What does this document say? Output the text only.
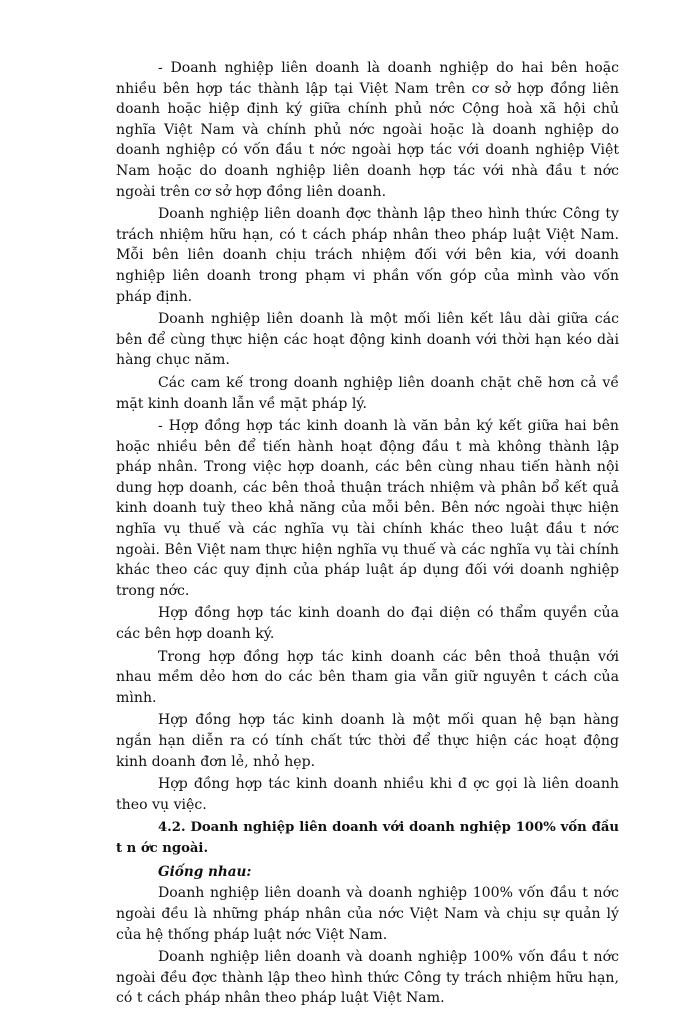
- Doanh nghiệp liên doanh là doanh nghiệp do hai bên hoặc nhiều bên hợp tác thành lập tại Việt Nam trên cơ sở hợp đồng liên doanh hoặc hiệp định ký giữa chính phủ nớc Cộng hoà xã hội chủ nghĩa Việt Nam và chính phủ nớc ngoài hoặc là doanh nghiệp do doanh nghiệp có vốn đầu t nớc ngoài hợp tác với doanh nghiệp Việt Nam hoặc do doanh nghiệp liên doanh hợp tác với nhà đầu t nớc ngoài trên cơ sở hợp đồng liên doanh.

Doanh nghiệp liên doanh đợc thành lập theo hình thức Công ty trách nhiệm hữu hạn, có t cách pháp nhân theo pháp luật Việt Nam. Mỗi bên liên doanh chịu trách nhiệm đối với bên kia, với doanh nghiệp liên doanh trong phạm vi phần vốn góp của mình vào vốn pháp định.

Doanh nghiệp liên doanh là một mối liên kết lâu dài giữa các bên để cùng thực hiện các hoạt động kinh doanh với thời hạn kéo dài hàng chục năm.

Các cam kế trong doanh nghiệp liên doanh chặt chẽ hơn cả về mặt kinh doanh lẫn về mặt pháp lý.

- Hợp đồng hợp tác kinh doanh là văn bản ký kết giữa hai bên hoặc nhiều bên để tiến hành hoạt động đầu t mà không thành lập pháp nhân. Trong việc hợp doanh, các bên cùng nhau tiến hành nội dung hợp doanh, các bên thoả thuận trách nhiệm và phân bổ kết quả kinh doanh tuỳ theo khả năng của mỗi bên. Bên nớc ngoài thực hiện nghĩa vụ thuế và các nghĩa vụ tài chính khác theo luật đầu t nớc ngoài. Bên Việt nam thực hiện nghĩa vụ thuế và các nghĩa vụ tài chính khác theo các quy định của pháp luật áp dụng đối với doanh nghiệp trong nớc.

Hợp đồng hợp tác kinh doanh do đại diện có thẩm quyền của các bên hợp doanh ký.

Trong hợp đồng hợp tác kinh doanh các bên thoả thuận với nhau mềm dẻo hơn do các bên tham gia vẫn giữ nguyên t cách của mình.

Hợp đồng hợp tác kinh doanh là một mối quan hệ bạn hàng ngắn hạn diễn ra có tính chất tức thời để thực hiện các hoạt động kinh doanh đơn lẻ, nhỏ hẹp.

Hợp đồng hợp tác kinh doanh nhiều khi đ ợc gọi là liên doanh theo vụ việc.

4.2. Doanh nghiệp liên doanh với doanh nghiệp 100% vốn đầu t n ớc ngoài.
Giống nhau:

Doanh nghiệp liên doanh và doanh nghiệp 100% vốn đầu t nớc ngoài đều là những pháp nhân của nớc Việt Nam và chịu sự quản lý của hệ thống pháp luật nớc Việt Nam.

Doanh nghiệp liên doanh và doanh nghiệp 100% vốn đầu t nớc ngoài đều đợc thành lập theo hình thức Công ty trách nhiệm hữu hạn, có t cách pháp nhân theo pháp luật Việt Nam.
